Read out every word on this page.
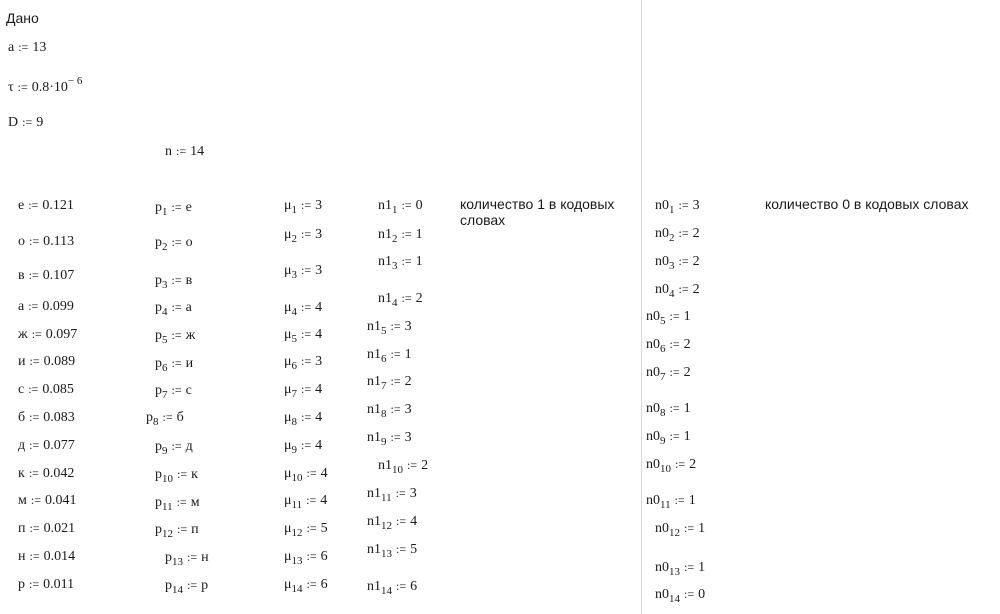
Дано
a := 13
τ := $0.8\cdot 10^{- 6}$
D := 9
n := 14
е := 0.121
о := 0.113
в := 0.107
а := 0.099
ж := 0.097
и := 0.089
с := 0.085
б := 0.083
д := 0.077
к := 0.042
м := 0.041
п := 0.021
н := 0.014
р := 0.011
$p_1$ := е
$p_2$ := о
$p_3$ := в
$p_4$ := а
$p_5$ := ж
$p_6$ := и
$p_7$ := с
$p_8$ := б
$p_9$ := д
$p_{10}$ := к
$p_{11}$ := м
$p_{12}$ := п
$p_{13}$ := н
$p_{14}$ := р
$\mu_1$ := 3
$\mu_2$ := 3
$\mu_3$ := 3
$\mu_4$ := 4
$\mu_5$ := 4
$\mu_6$ := 3
$\mu_7$ := 4
$\mu_8$ := 4
$\mu_9$ := 4
$\mu_{10}$ := 4
$\mu_{11}$ := 4
$\mu_{12}$ := 5
$\mu_{13}$ := 6
$\mu_{14}$ := 6
$n1_1$ := 0
$n1_2$ := 1
$n1_3$ := 1
$n1_4$ := 2
$n1_5$ := 3
$n1_6$ := 1
$n1_7$ := 2
$n1_8$ := 3
$n1_9$ := 3
$n1_{10}$ := 2
$n1_{11}$ := 3
$n1_{12}$ := 4
$n1_{13}$ := 5
$n1_{14}$ := 6
количество 1 в кодовых словах
$n0_1$ := 3
$n0_2$ := 2
$n0_3$ := 2
$n0_4$ := 2
$n0_5$ := 1
$n0_6$ := 2
$n0_7$ := 2
$n0_8$ := 1
$n0_9$ := 1
$n0_{10}$ := 2
$n0_{11}$ := 1
$n0_{12}$ := 1
$n0_{13}$ := 1
$n0_{14}$ := 0
количество 0 в кодовых словах
